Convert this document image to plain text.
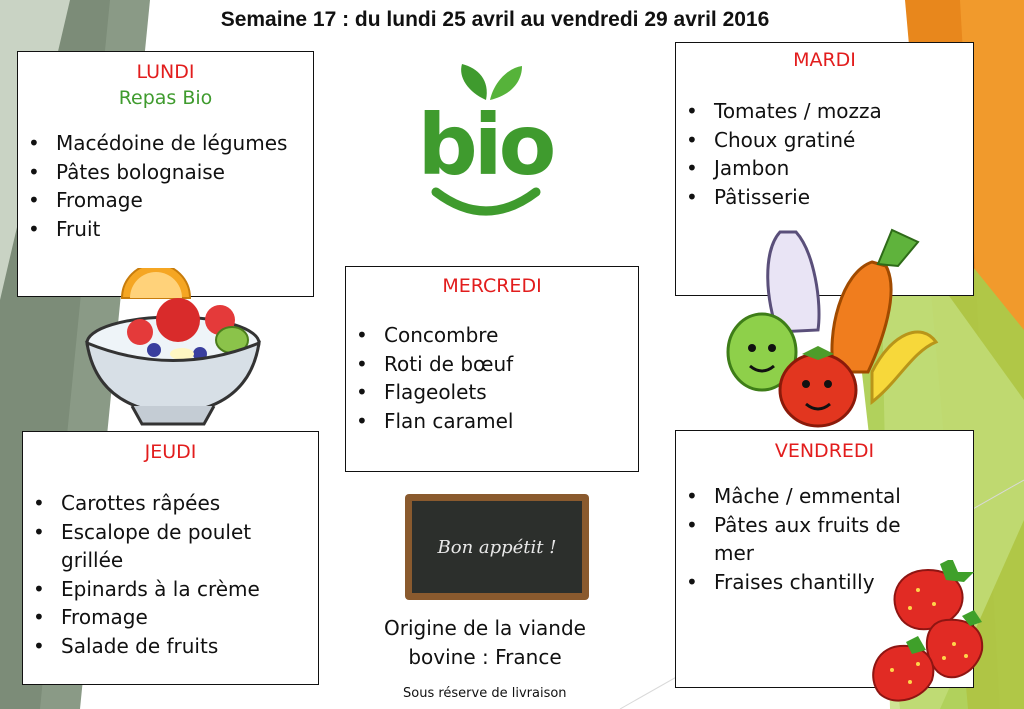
Semaine 17 : du lundi 25 avril au vendredi 29 avril 2016
bio
LUNDI
Repas Bio
• Macédoine de légumes
• Pâtes bolognaise
• Fromage
• Fruit
MARDI
• Tomates / mozza
• Choux gratiné
• Jambon
• Pâtisserie
MERCREDI
• Concombre
• Roti de bœuf
• Flageolets
• Flan caramel
JEUDI
• Carottes râpées
• Escalope de poulet grillée
• Epinards à la crème
• Fromage
• Salade de fruits
VENDREDI
• Mâche / emmental
• Pâtes aux fruits de mer
• Fraises chantilly
Bon appétit !
Origine de la viande bovine : France
Sous réserve de livraison
